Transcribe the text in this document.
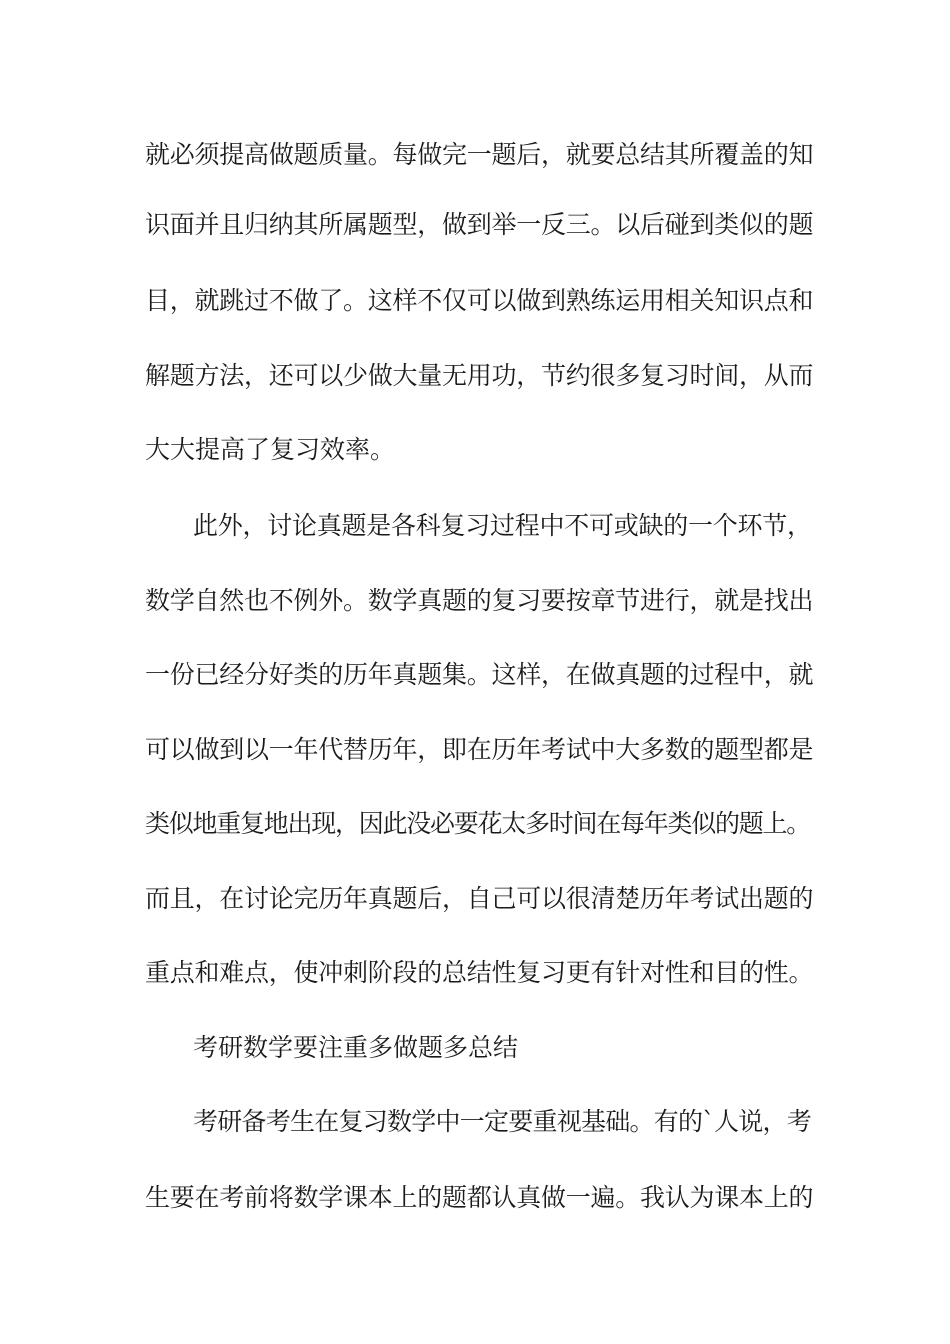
就必须提高做题质量。每做完一题后，就要总结其所覆盖的知

识面并且归纳其所属题型，做到举一反三。以后碰到类似的题

目，就跳过不做了。这样不仅可以做到熟练运用相关知识点和

解题方法，还可以少做大量无用功，节约很多复习时间，从而

大大提高了复习效率。

此外，讨论真题是各科复习过程中不可或缺的一个环节，

数学自然也不例外。数学真题的复习要按章节进行，就是找出

一份已经分好类的历年真题集。这样，在做真题的过程中，就

可以做到以一年代替历年，即在历年考试中大多数的题型都是

类似地重复地出现，因此没必要花太多时间在每年类似的题上。

而且，在讨论完历年真题后，自己可以很清楚历年考试出题的

重点和难点，使冲刺阶段的总结性复习更有针对性和目的性。

考研数学要注重多做题多总结

考研备考生在复习数学中一定要重视基础。有的`人说，考

生要在考前将数学课本上的题都认真做一遍。我认为课本上的
